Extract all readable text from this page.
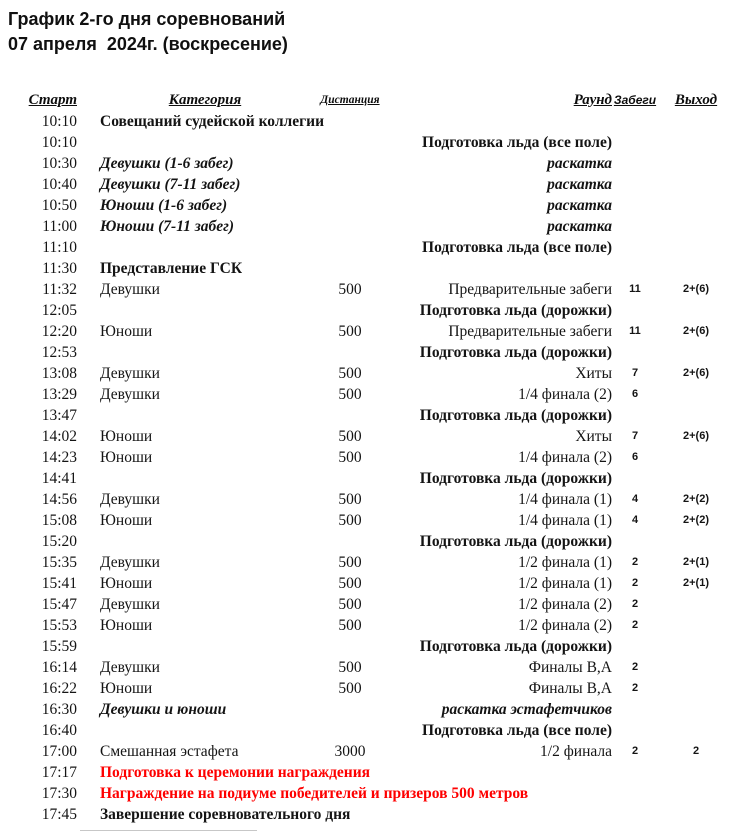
График 2-го дня соревнований
07 апреля  2024г. (воскресение)
Старт	Категория	Дистанция	Раунд Забеги	Выход
10:10	Совещаний судейской коллегии
10:10	Подготовка льда (все поле)
10:30	Девушки (1-6 забег)	раскатка
10:40	Девушки (7-11 забег)	раскатка
10:50	Юноши (1-6 забег)	раскатка
11:00	Юноши (7-11 забег)	раскатка
11:10	Подготовка льда (все поле)
11:30	Представление ГСК
11:32	Девушки	500	Предварительные забеги	11	2+(6)
12:05	Подготовка льда (дорожки)
12:20	Юноши	500	Предварительные забеги	11	2+(6)
12:53	Подготовка льда (дорожки)
13:08	Девушки	500	Хиты	7	2+(6)
13:29	Девушки	500	1/4 финала (2)	6
13:47	Подготовка льда (дорожки)
14:02	Юноши	500	Хиты	7	2+(6)
14:23	Юноши	500	1/4 финала (2)	6
14:41	Подготовка льда (дорожки)
14:56	Девушки	500	1/4 финала (1)	4	2+(2)
15:08	Юноши	500	1/4 финала (1)	4	2+(2)
15:20	Подготовка льда (дорожки)
15:35	Девушки	500	1/2 финала (1)	2	2+(1)
15:41	Юноши	500	1/2 финала (1)	2	2+(1)
15:47	Девушки	500	1/2 финала (2)	2
15:53	Юноши	500	1/2 финала (2)	2
15:59	Подготовка льда (дорожки)
16:14	Девушки	500	Финалы В,А	2
16:22	Юноши	500	Финалы В,А	2
16:30	Девушки и юноши	раскатка эстафетчиков
16:40	Подготовка льда (все поле)
17:00	Смешанная эстафета	3000	1/2 финала	2	2
17:17	Подготовка к церемонии награждения
17:30	Награждение на подиуме победителей и призеров 500 метров
17:45	Завершение соревновательного дня
